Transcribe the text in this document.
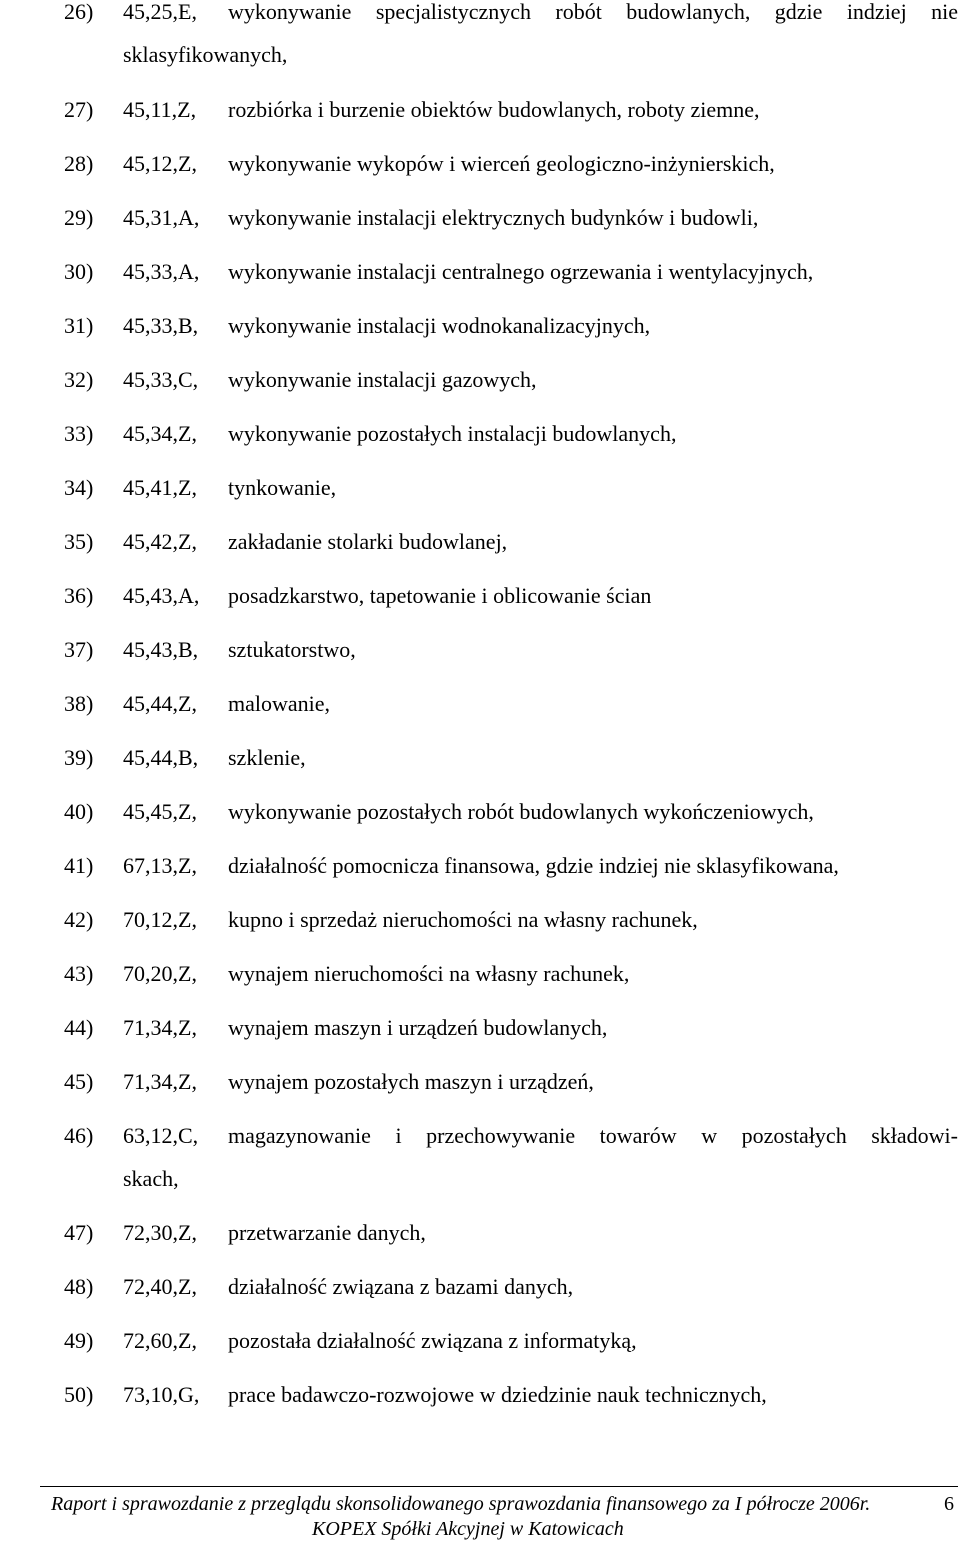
26) 45,25,E, wykonywanie specjalistycznych robót budowlanych, gdzie indziej nie
sklasyfikowanych,
27) 45,11,Z, rozbiórka i burzenie obiektów budowlanych, roboty ziemne,
28) 45,12,Z, wykonywanie wykopów i wierceń geologiczno-inżynierskich,
29) 45,31,A, wykonywanie instalacji elektrycznych budynków i budowli,
30) 45,33,A, wykonywanie instalacji centralnego ogrzewania i wentylacyjnych,
31) 45,33,B, wykonywanie instalacji wodnokanalizacyjnych,
32) 45,33,C, wykonywanie instalacji gazowych,
33) 45,34,Z, wykonywanie pozostałych instalacji budowlanych,
34) 45,41,Z, tynkowanie,
35) 45,42,Z, zakładanie stolarki budowlanej,
36) 45,43,A, posadzkarstwo, tapetowanie i oblicowanie ścian
37) 45,43,B, sztukatorstwo,
38) 45,44,Z, malowanie,
39) 45,44,B, szklenie,
40) 45,45,Z, wykonywanie pozostałych robót budowlanych wykończeniowych,
41) 67,13,Z, działalność pomocnicza finansowa, gdzie indziej nie sklasyfikowana,
42) 70,12,Z, kupno i sprzedaż nieruchomości na własny rachunek,
43) 70,20,Z, wynajem nieruchomości na własny rachunek,
44) 71,34,Z, wynajem maszyn i urządzeń budowlanych,
45) 71,34,Z, wynajem pozostałych maszyn i urządzeń,
46) 63,12,C, magazynowanie i przechowywanie towarów w pozostałych składowi-
skach,
47) 72,30,Z, przetwarzanie danych,
48) 72,40,Z, działalność związana z bazami danych,
49) 72,60,Z, pozostała działalność związana z informatyką,
50) 73,10,G, prace badawczo-rozwojowe w dziedzinie nauk technicznych,
Raport i sprawozdanie z przeglądu skonsolidowanego sprawozdania finansowego za I półrocze 2006r.	6
KOPEX Spółki Akcyjnej w Katowicach
